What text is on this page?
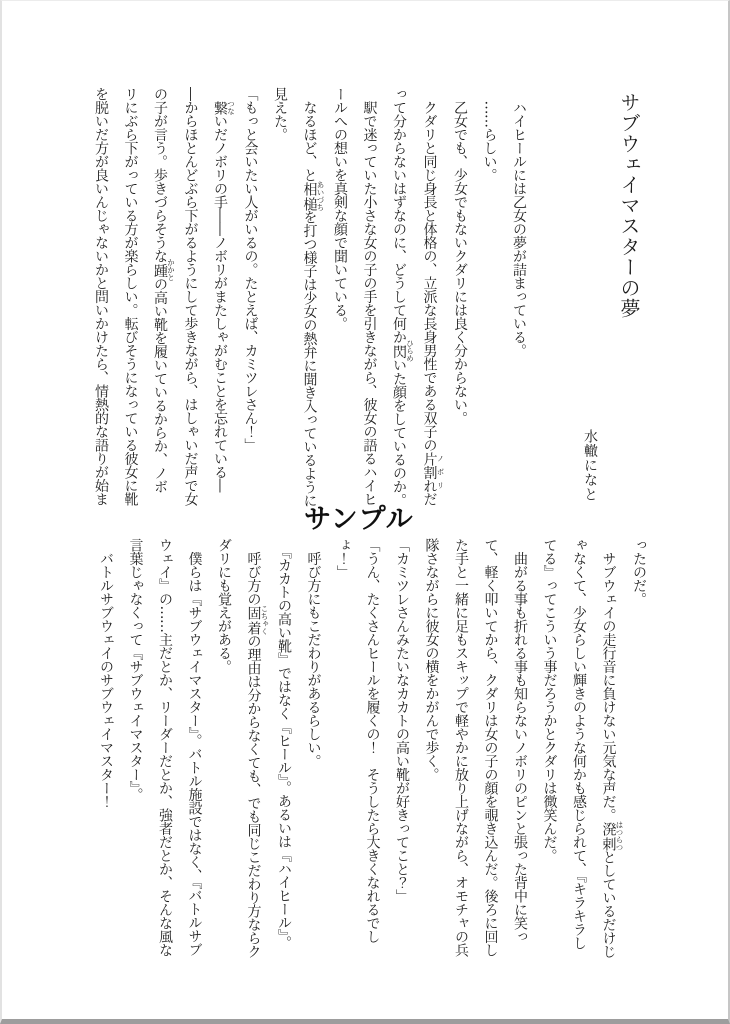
サブウェイマスターの夢
水轍になと
　ハイヒールには乙女の夢が詰まっている。
　……らしい。
　乙女でも、少女でもないクダリには良く分からない。
　クダリと同じ身長と体格の、立派な長身男性である双子の片割れノボリだ
って分からないはずなのに、どうして何か閃ひらめいた顔をしているのか。
　駅で迷っていた小さな女の子の手を引きながら、彼女の語るハイヒ
ールへの想いを真剣な顔で聞いている。
　なるほど、と相槌あいづちを打つ様子は少女の熱弁に聞き入っているように
見えた。
「もっと会いたい人がいるの。たとえば、カミツレさん！」
　繋つないだノボリの手――ノボリがまたしゃがむことを忘れている―
―からほとんどぶら下がるようにして歩きながら、はしゃいだ声で女
の子が言う。歩きづらそうな踵かかとの高い靴を履いているからか、ノボ
リにぶら下がっている方が楽らしい。転びそうになっている彼女に靴
を脱いだ方が良いんじゃないかと問いかけたら、情熱的な語りが始ま
サンプル
ったのだ。
　サブウェイの走行音に負けない元気な声だ。溌剌はつらつとしているだけじ
ゃなくて、少女らしい輝きのような何かも感じられて、『キラキラし
てる』ってこういう事だろうかとクダリは微笑んだ。
　曲がる事も折れる事も知らないノボリのピンと張った背中に笑っ
て、軽く叩いてから、クダリは女の子の顔を覗き込んだ。後ろに回し
た手と一緒に足もスキップで軽やかに放り上げながら、オモチャの兵
隊さながらに彼女の横をかがんで歩く。
「カミツレさんみたいなカカトの高い靴が好きってこと？」
「うん、たくさんヒールを履くの！　そうしたら大きくなれるでし
ょ！」
　呼び方にもこだわりがあるらしい。
　『カカトの高い靴』ではなく『ヒール』。あるいは『ハイヒール』。
　呼び方の固着こちゃくの理由は分からなくても、でも同じこだわり方ならク
ダリにも覚えがある。
　僕らは『サブウェイマスター』。バトル施設ではなく、『バトルサブ
ウェイ』の……主だとか、リーダーだとか、強者だとか、そんな風な
言葉じゃなくって『サブウェイマスター』。
　バトルサブウェイのサブウェイマスター！
